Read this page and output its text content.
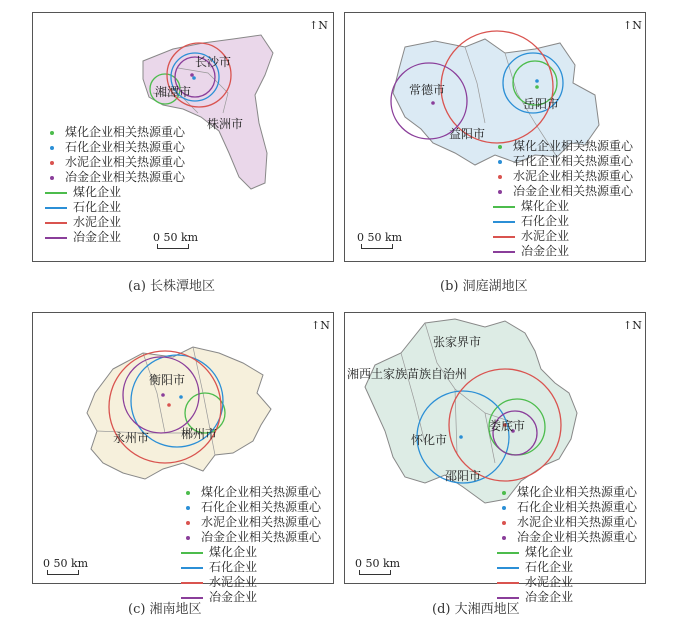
长沙市
湘潭市
株洲市
↑N
煤化企业相关热源重心
石化企业相关热源重心
水泥企业相关热源重心
冶金企业相关热源重心
煤化企业
石化企业
水泥企业
冶金企业	0 50 km
(a) 长株潭地区
常德市
岳阳市
益阳市
↑N
煤化企业相关热源重心
石化企业相关热源重心
水泥企业相关热源重心
冶金企业相关热源重心
煤化企业
石化企业
水泥企业
冶金企业
0 50 km
(b) 洞庭湖地区
衡阳市
永州市	郴州市
↑N
煤化企业相关热源重心
石化企业相关热源重心
水泥企业相关热源重心
冶金企业相关热源重心
煤化企业
石化企业
水泥企业
冶金企业
0 50 km
(c) 湘南地区
张家界市
湘西土家族苗族自治州
娄底市
怀化市
邵阳市
↑N
煤化企业相关热源重心
石化企业相关热源重心
水泥企业相关热源重心
冶金企业相关热源重心
煤化企业
石化企业
水泥企业
冶金企业
0 50 km
(d) 大湘西地区
